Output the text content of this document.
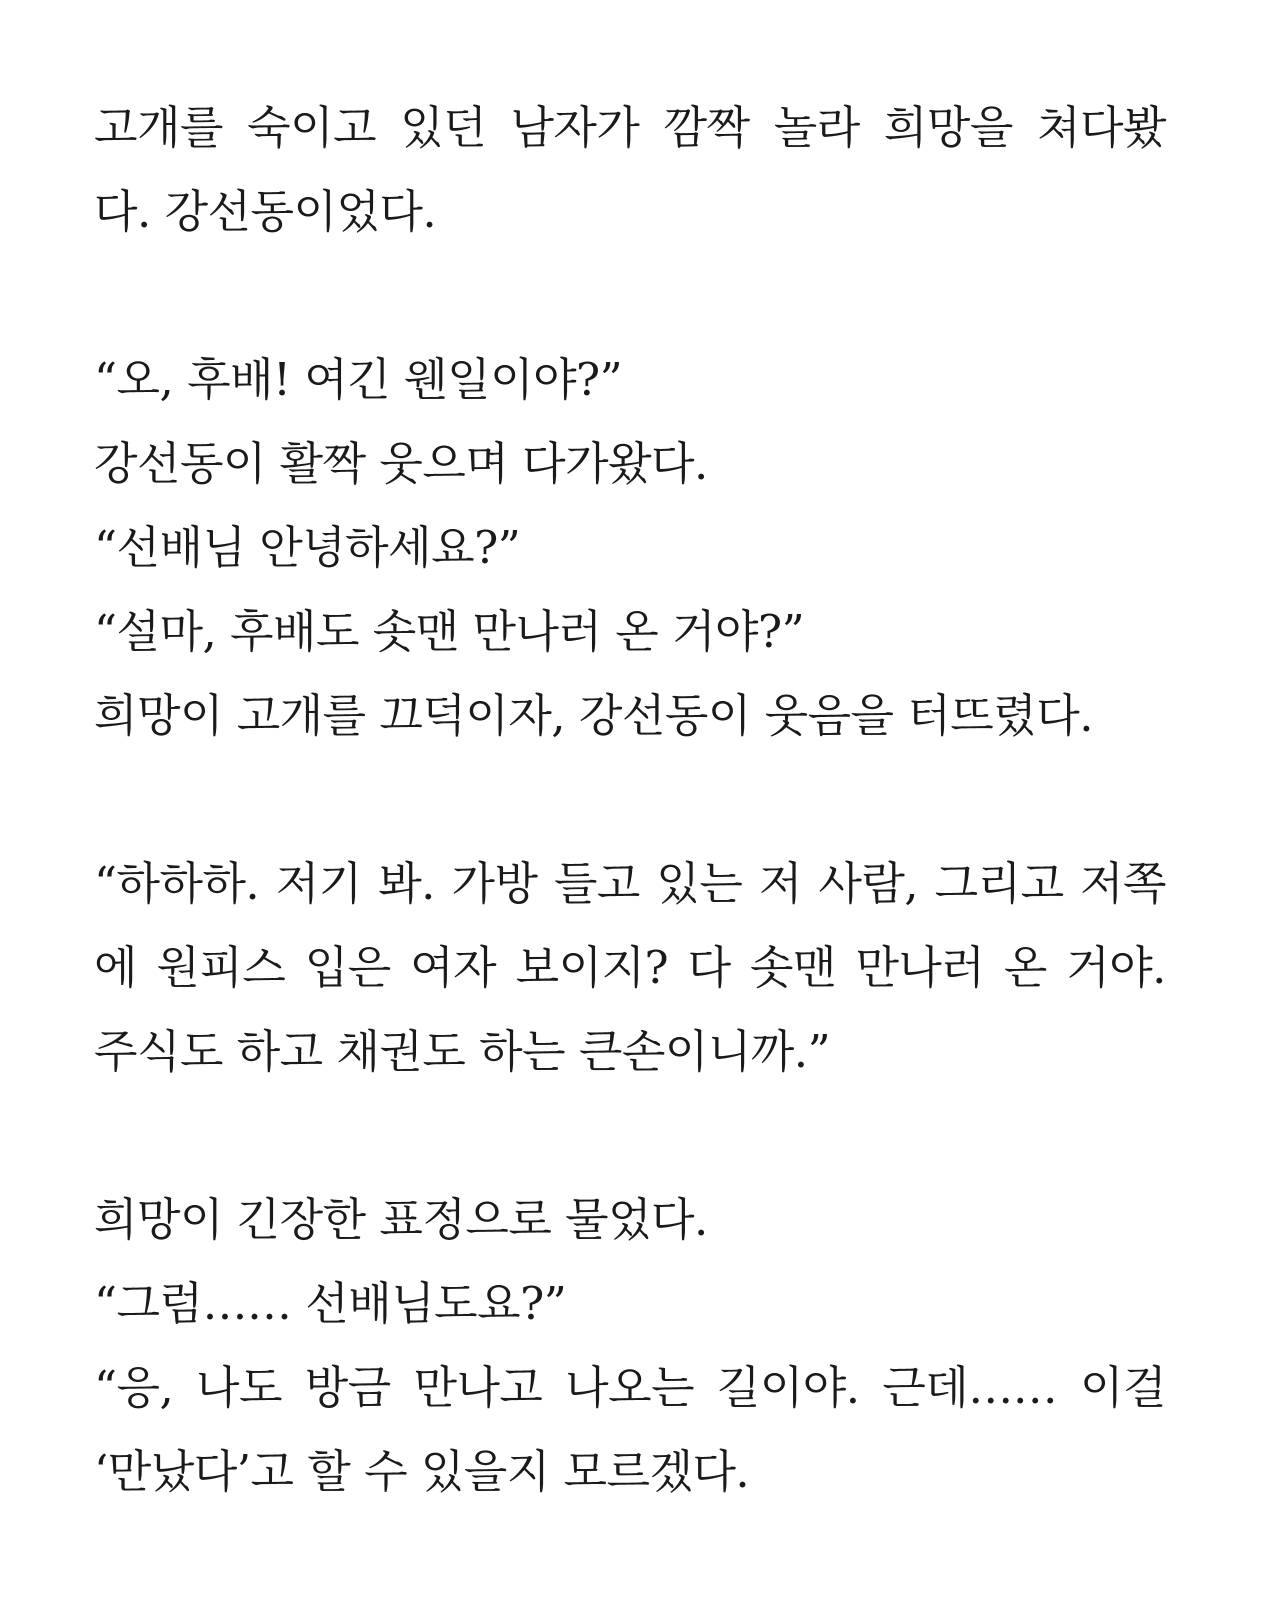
고개를 숙이고 있던 남자가 깜짝 놀라 희망을 쳐다봤
다. 강선동이었다.
“오, 후배! 여긴 웬일이야?”
강선동이 활짝 웃으며 다가왔다.
“선배님 안녕하세요?”
“설마, 후배도 솟맨 만나러 온 거야?”
희망이 고개를 끄덕이자, 강선동이 웃음을 터뜨렸다.
“하하하. 저기 봐. 가방 들고 있는 저 사람, 그리고 저쪽
에 원피스 입은 여자 보이지? 다 솟맨 만나러 온 거야.
주식도 하고 채권도 하는 큰손이니까.”
희망이 긴장한 표정으로 물었다.
“그럼…… 선배님도요?”
“응, 나도 방금 만나고 나오는 길이야. 근데…… 이걸
‘만났다’고 할 수 있을지 모르겠다.
